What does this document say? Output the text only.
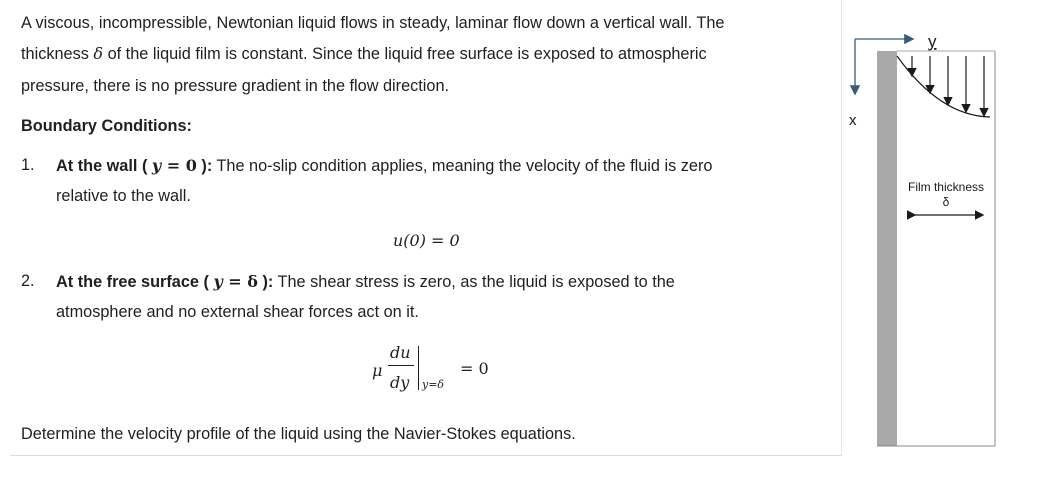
A viscous, incompressible, Newtonian liquid flows in steady, laminar flow down a vertical wall. The
thickness δ of the liquid film is constant. Since the liquid free surface is exposed to atmospheric
pressure, there is no pressure gradient in the flow direction.
Boundary Conditions:
1. At the wall ( y = 0 ): The no-slip condition applies, meaning the velocity of the fluid is zero
relative to the wall.
u(0) = 0
2. At the free surface ( y = δ ): The shear stress is zero, as the liquid is exposed to the
atmosphere and no external shear forces act on it.
μ
du
dy y=δ
= 0
Determine the velocity profile of the liquid using the Navier-Stokes equations.
y
x
Film thickness
δ
